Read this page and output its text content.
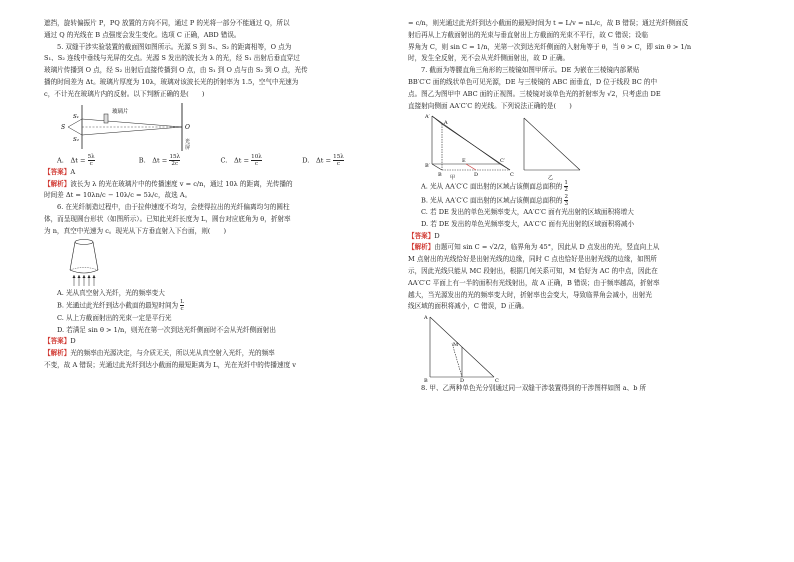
遮挡，旋转偏振片 P，PQ 放置的方向不同，通过 P 的光将一部分不能通过 Q，所以

通过 Q 的光线在 B 点强度会发生变化。选项 C 正确，ABD 错误。

5. 双缝干涉实验装置的截面图如图所示。光源 S 到 S₁、S₂ 的距离相等，O 点为

S₁、S₂ 连线中垂线与光屏的交点。光源 S 发出的波长为 λ 的光，经 S₁ 出射后垂直穿过

玻璃片传播到 O 点，经 S₂ 出射后直接传播到 O 点，由 S₁ 到 O 点与由 S₂ 到 O 点，光传

播的时间差为 Δt。玻璃片厚度为 10λ，玻璃对该波长光的折射率为 1.5，空气中光速为

c，不计光在玻璃片内的反射。以下判断正确的是(　　)

玻璃片
S
S₁
S₂
O
光
屏
A.　$\Delta t = \frac{5\lambda}{c}$	B.　$\Delta t = \frac{15\lambda}{2c}$	C.　$\Delta t = \frac{10\lambda}{c}$	D.　$\Delta t = \frac{15\lambda}{c}$

【答案】A

【解析】波长为 λ 的光在玻璃片中的传播速度 v = c/n，通过 10λ 的距离，光传播的

时间差 Δt = 10λn/c − 10λ/c = 5λ/c，故选 A。

6. 在光纤制造过程中，由于拉伸速度不均匀，会使得拉出的光纤偏离均匀的圆柱

体，而呈现圆台形状（如图所示）。已知此光纤长度为 L，圆台对应底角为 θ，折射率

为 n，真空中光速为 c。现光从下方垂直射入下台面，则(　　)

A. 光从真空射入光纤，光的频率变大

B. 光通过此光纤到达小截面的最短时间为 $\frac{L}{c}$

C. 从上方截面射出的光束一定是平行光

D. 若满足 sin θ > 1/n，则光在第一次到达光纤侧面时不会从光纤侧面射出

【答案】D

【解析】光的频率由光源决定，与介质无关，所以光从真空射入光纤，光的频率

不变，故 A 错误；光通过此光纤到达小截面的最短距离为 L，光在光纤中的传播速度 v

= c/n，则光通过此光纤到达小截面的最短时间为 t = L/v = nL/c，故 B 错误；通过光纤侧面反

射后再从上方截面射出的光束与垂直射出上方截面的光束不平行，故 C 错误；设临

界角为 C，则 sin C = 1/n，光第一次到达光纤侧面的入射角等于 θ，当 θ > C，即 sin θ > 1/n

时，发生全反射，光不会从光纤侧面射出，故 D 正确。

7. 截面为等腰直角三角形的三棱镜如图甲所示。DE 为嵌在三棱镜内部紧贴

BB′C′C 面的线状单色可见光源，DE 与三棱镜的 ABC 面垂直，D 位于线段 BC 的中

点。图乙为图甲中 ABC 面的正视图。三棱镜对该单色光的折射率为 √2，只考虑由 DE

直接射向侧面 AA′C′C 的光线。下列说法正确的是(　　)

A′
B′
C′
E
A
B	D	C
甲	乙

A. 光从 AA′C′C 面出射的区域占该侧面总面积的 $\frac{1}{2}$

B. 光从 AA′C′C 面出射的区域占该侧面总面积的 $\frac{2}{3}$

C. 若 DE 发出的单色光频率变大，AA′C′C 面有光出射的区域面积将增大

D. 若 DE 发出的单色光频率变大，AA′C′C 面有光出射的区域面积将减小

【答案】D

【解析】由题可知 sin C = √2/2，临界角为 45°，因此从 D 点发出的光，竖直向上从

M 点射出的光线恰好是出射光线的边缘，同时 C 点也恰好是出射光线的边缘，如图所

示，因此光线只能从 MC 段射出，根据几何关系可知，M 恰好为 AC 的中点，因此在

AA′C′C 平面上有一半的面积有光线射出，故 A 正确，B 错误；由于频率越高，折射率

越大，当光源发出的光的频率变大时，折射率也会变大，导致临界角会减小，出射光

线区域的面积将减小，C 错误，D 正确。

A
M
B	D	C

8. 甲、乙两种单色光分别通过同一双缝干涉装置得到的干涉图样如图 a、b 所
